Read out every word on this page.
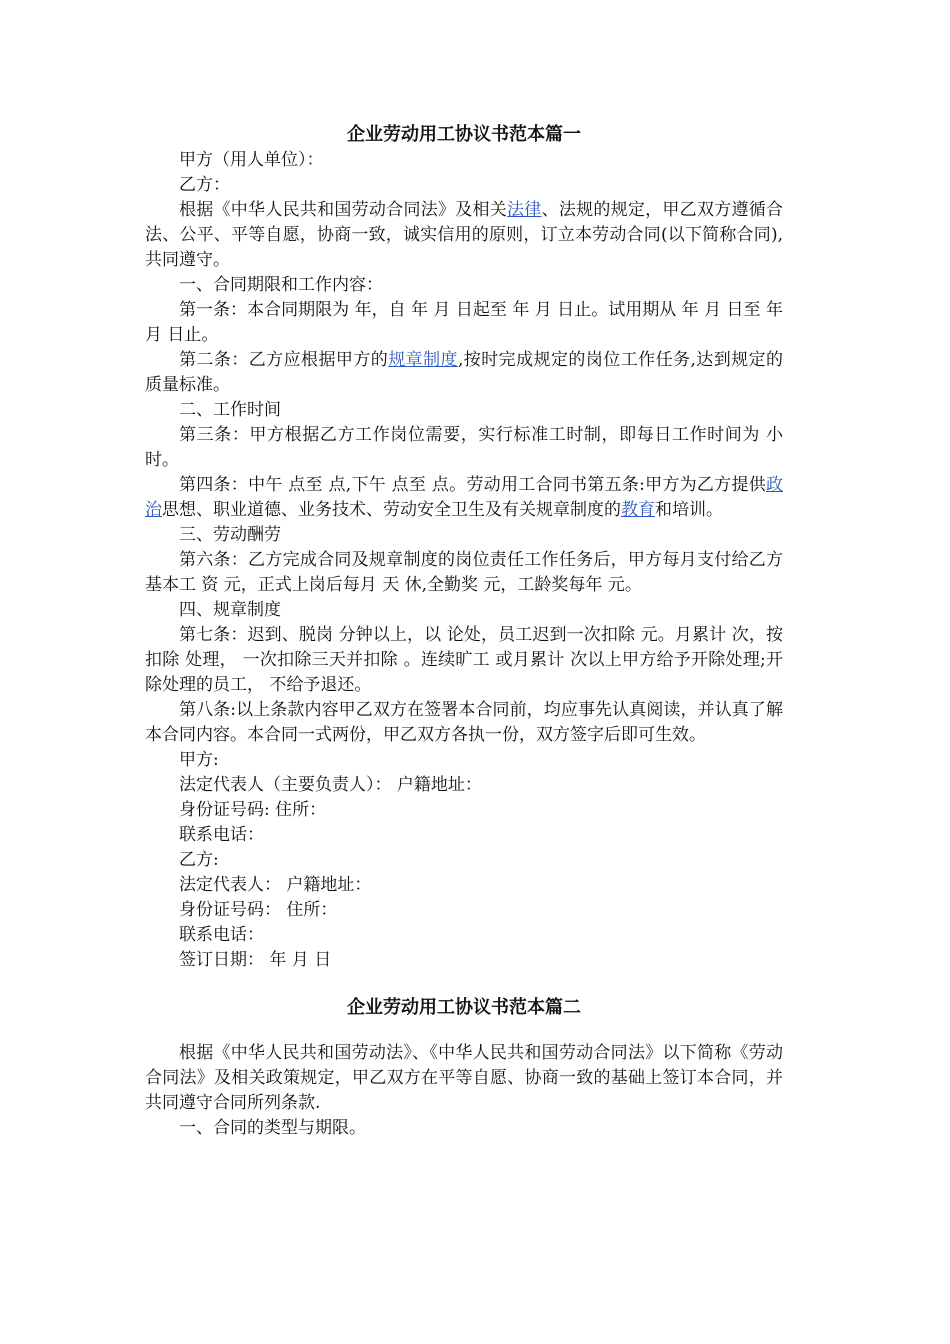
企业劳动用工协议书范本篇一

甲方（用人单位）：

乙方：

根据《中华人民共和国劳动合同法》及相关法律、法规的规定，甲乙双方遵循合法、公平、平等自愿，协商一致，诚实信用的原则，订立本劳动合同(以下简称合同),共同遵守。

一、合同期限和工作内容：

第一条：本合同期限为 年，自 年 月 日起至 年 月 日止。试用期从 年 月 日至 年 月 日止。

第二条：乙方应根据甲方的规章制度,按时完成规定的岗位工作任务,达到规定的质量标准。

二、工作时间

第三条：甲方根据乙方工作岗位需要，实行标准工时制，即每日工作时间为 小时。

第四条：中午 点至 点,下午 点至 点。劳动用工合同书第五条:甲方为乙方提供政治思想、职业道德、业务技术、劳动安全卫生及有关规章制度的教育和培训。

三、劳动酬劳

第六条：乙方完成合同及规章制度的岗位责任工作任务后，甲方每月支付给乙方基本工 资 元，正式上岗后每月 天 休,全勤奖 元，工龄奖每年 元。

四、规章制度

第七条：迟到、脱岗 分钟以上，以 论处，员工迟到一次扣除 元。月累计 次，按扣除 处理， 一次扣除三天并扣除 。连续旷工 或月累计 次以上甲方给予开除处理;开除处理的员工， 不给予退还。

第八条:以上条款内容甲乙双方在签署本合同前，均应事先认真阅读，并认真了解本合同内容。本合同一式两份，甲乙双方各执一份，双方签字后即可生效。

甲方:

法定代表人（主要负责人）： 户籍地址：

身份证号码: 住所：

联系电话：

乙方:

法定代表人： 户籍地址：

身份证号码： 住所：

联系电话：

签订日期： 年 月 日

企业劳动用工协议书范本篇二

根据《中华人民共和国劳动法》、《中华人民共和国劳动合同法》以下简称《劳动合同法》及相关政策规定，甲乙双方在平等自愿、协商一致的基础上签订本合同，并共同遵守合同所列条款.

一、合同的类型与期限。
